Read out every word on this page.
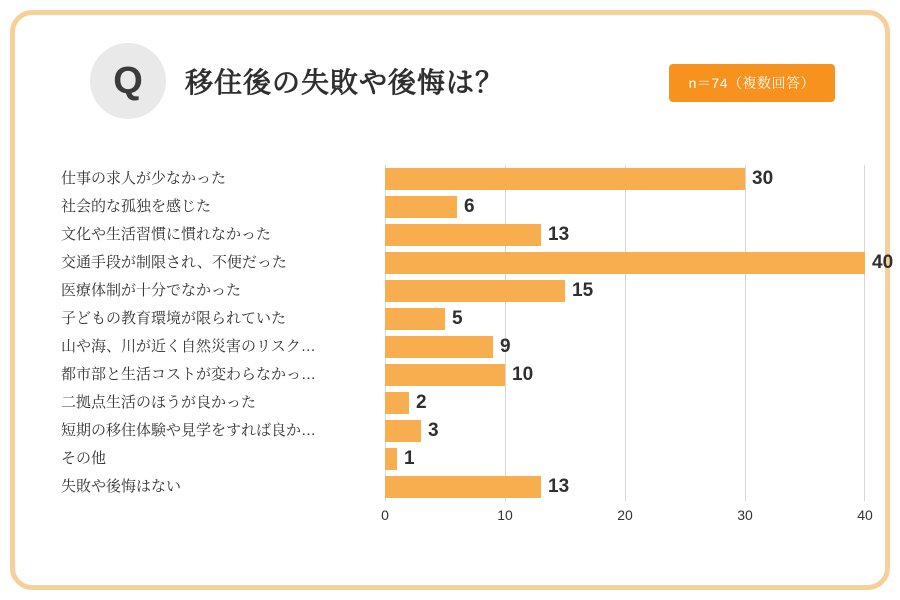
Q	移住後の失敗や後悔は？	n＝74（複数回答）
仕事の求人が少なかった
社会的な孤独を感じた
文化や生活習慣に慣れなかった
交通手段が制限され、不便だった
医療体制が十分でなかった
子どもの教育環境が限られていた
山や海、川が近く自然災害のリスク…
都市部と生活コストが変わらなかっ…
二拠点生活のほうが良かった
短期の移住体験や見学をすれば良か…
その他
失敗や後悔はない
30
6
13
40
15
5
9
10
2
3
1
13
0	10	20	30	40
